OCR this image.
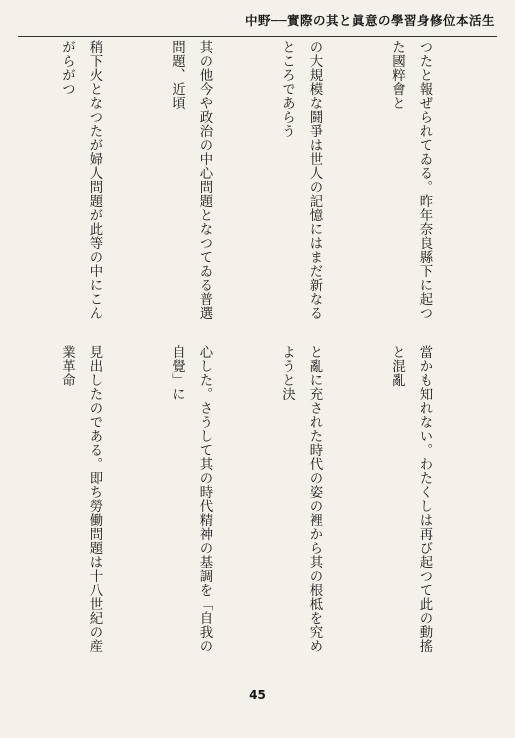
中野──實際の其と眞意の學習身修位本活生

つたと報ぜられてゐる。昨年奈良縣下に起つた國粹會と

の大規模な鬪爭は世人の記憶にはまだ新なるところであらう

其の他今や政治の中心問題となつてゐる普選問題、近頃

稍下火となつたが婦人問題が此等の中にこんがらがつ

當かも知れない。わたくしは再び起つて此の動搖と混亂

と亂に充された時代の姿の裡から其の根柢を究めようと決

心した。さうして其の時代精神の基調を「自我の自覺」に

見出したのである。即ち勞働問題は十八世紀の産業革命

45
